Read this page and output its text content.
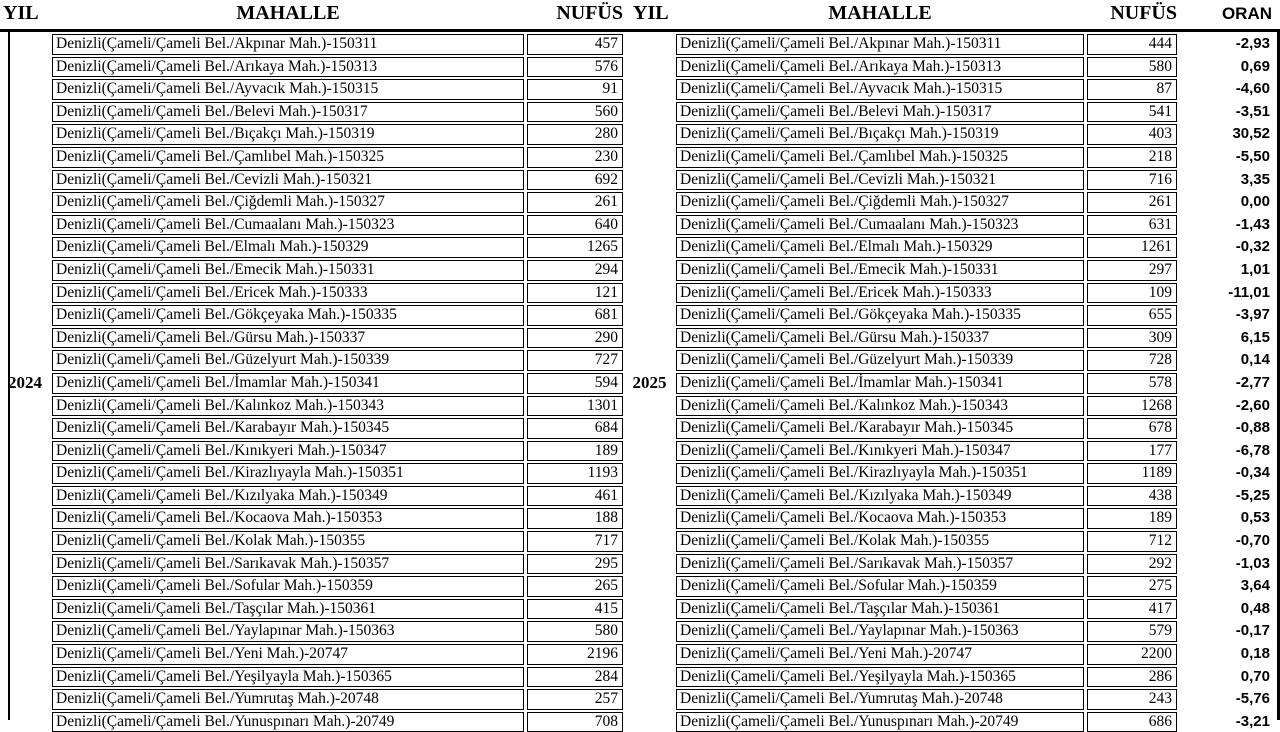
YIL	MAHALLE	NUFÜS YIL	MAHALLE	NUFÜS	ORAN
Denizli(Çameli/Çameli Bel./Akpınar Mah.)-150311	457	Denizli(Çameli/Çameli Bel./Akpınar Mah.)-150311	444	-2,93
Denizli(Çameli/Çameli Bel./Arıkaya Mah.)-150313	576	Denizli(Çameli/Çameli Bel./Arıkaya Mah.)-150313	580	0,69
Denizli(Çameli/Çameli Bel./Ayvacık Mah.)-150315	91	Denizli(Çameli/Çameli Bel./Ayvacık Mah.)-150315	87	-4,60
Denizli(Çameli/Çameli Bel./Belevi Mah.)-150317	560	Denizli(Çameli/Çameli Bel./Belevi Mah.)-150317	541	-3,51
Denizli(Çameli/Çameli Bel./Bıçakçı Mah.)-150319	280	Denizli(Çameli/Çameli Bel./Bıçakçı Mah.)-150319	403	30,52
Denizli(Çameli/Çameli Bel./Çamlıbel Mah.)-150325	230	Denizli(Çameli/Çameli Bel./Çamlıbel Mah.)-150325	218	-5,50
Denizli(Çameli/Çameli Bel./Cevizli Mah.)-150321	692	Denizli(Çameli/Çameli Bel./Cevizli Mah.)-150321	716	3,35
Denizli(Çameli/Çameli Bel./Çiğdemli Mah.)-150327	261	Denizli(Çameli/Çameli Bel./Çiğdemli Mah.)-150327	261	0,00
Denizli(Çameli/Çameli Bel./Cumaalanı Mah.)-150323	640	Denizli(Çameli/Çameli Bel./Cumaalanı Mah.)-150323	631	-1,43
Denizli(Çameli/Çameli Bel./Elmalı Mah.)-150329	1265	Denizli(Çameli/Çameli Bel./Elmalı Mah.)-150329	1261	-0,32
Denizli(Çameli/Çameli Bel./Emecik Mah.)-150331	294	Denizli(Çameli/Çameli Bel./Emecik Mah.)-150331	297	1,01
Denizli(Çameli/Çameli Bel./Ericek Mah.)-150333	121	Denizli(Çameli/Çameli Bel./Ericek Mah.)-150333	109	-11,01
Denizli(Çameli/Çameli Bel./Gökçeyaka Mah.)-150335	681	Denizli(Çameli/Çameli Bel./Gökçeyaka Mah.)-150335	655	-3,97
Denizli(Çameli/Çameli Bel./Gürsu Mah.)-150337	290	Denizli(Çameli/Çameli Bel./Gürsu Mah.)-150337	309	6,15
Denizli(Çameli/Çameli Bel./Güzelyurt Mah.)-150339	727	Denizli(Çameli/Çameli Bel./Güzelyurt Mah.)-150339	728	0,14
2024 Denizli(Çameli/Çameli Bel./İmamlar Mah.)-150341	594 2025 Denizli(Çameli/Çameli Bel./İmamlar Mah.)-150341	578	-2,77
Denizli(Çameli/Çameli Bel./Kalınkoz Mah.)-150343	1301	Denizli(Çameli/Çameli Bel./Kalınkoz Mah.)-150343	1268	-2,60
Denizli(Çameli/Çameli Bel./Karabayır Mah.)-150345	684	Denizli(Çameli/Çameli Bel./Karabayır Mah.)-150345	678	-0,88
Denizli(Çameli/Çameli Bel./Kınıkyeri Mah.)-150347	189	Denizli(Çameli/Çameli Bel./Kınıkyeri Mah.)-150347	177	-6,78
Denizli(Çameli/Çameli Bel./Kirazlıyayla Mah.)-150351	1193	Denizli(Çameli/Çameli Bel./Kirazlıyayla Mah.)-150351	1189	-0,34
Denizli(Çameli/Çameli Bel./Kızılyaka Mah.)-150349	461	Denizli(Çameli/Çameli Bel./Kızılyaka Mah.)-150349	438	-5,25
Denizli(Çameli/Çameli Bel./Kocaova Mah.)-150353	188	Denizli(Çameli/Çameli Bel./Kocaova Mah.)-150353	189	0,53
Denizli(Çameli/Çameli Bel./Kolak Mah.)-150355	717	Denizli(Çameli/Çameli Bel./Kolak Mah.)-150355	712	-0,70
Denizli(Çameli/Çameli Bel./Sarıkavak Mah.)-150357	295	Denizli(Çameli/Çameli Bel./Sarıkavak Mah.)-150357	292	-1,03
Denizli(Çameli/Çameli Bel./Sofular Mah.)-150359	265	Denizli(Çameli/Çameli Bel./Sofular Mah.)-150359	275	3,64
Denizli(Çameli/Çameli Bel./Taşçılar Mah.)-150361	415	Denizli(Çameli/Çameli Bel./Taşçılar Mah.)-150361	417	0,48
Denizli(Çameli/Çameli Bel./Yaylapınar Mah.)-150363	580	Denizli(Çameli/Çameli Bel./Yaylapınar Mah.)-150363	579	-0,17
Denizli(Çameli/Çameli Bel./Yeni Mah.)-20747	2196	Denizli(Çameli/Çameli Bel./Yeni Mah.)-20747	2200	0,18
Denizli(Çameli/Çameli Bel./Yeşilyayla Mah.)-150365	284	Denizli(Çameli/Çameli Bel./Yeşilyayla Mah.)-150365	286	0,70
Denizli(Çameli/Çameli Bel./Yumrutaş Mah.)-20748	257	Denizli(Çameli/Çameli Bel./Yumrutaş Mah.)-20748	243	-5,76
Denizli(Çameli/Çameli Bel./Yunuspınarı Mah.)-20749	708	Denizli(Çameli/Çameli Bel./Yunuspınarı Mah.)-20749	686	-3,21
